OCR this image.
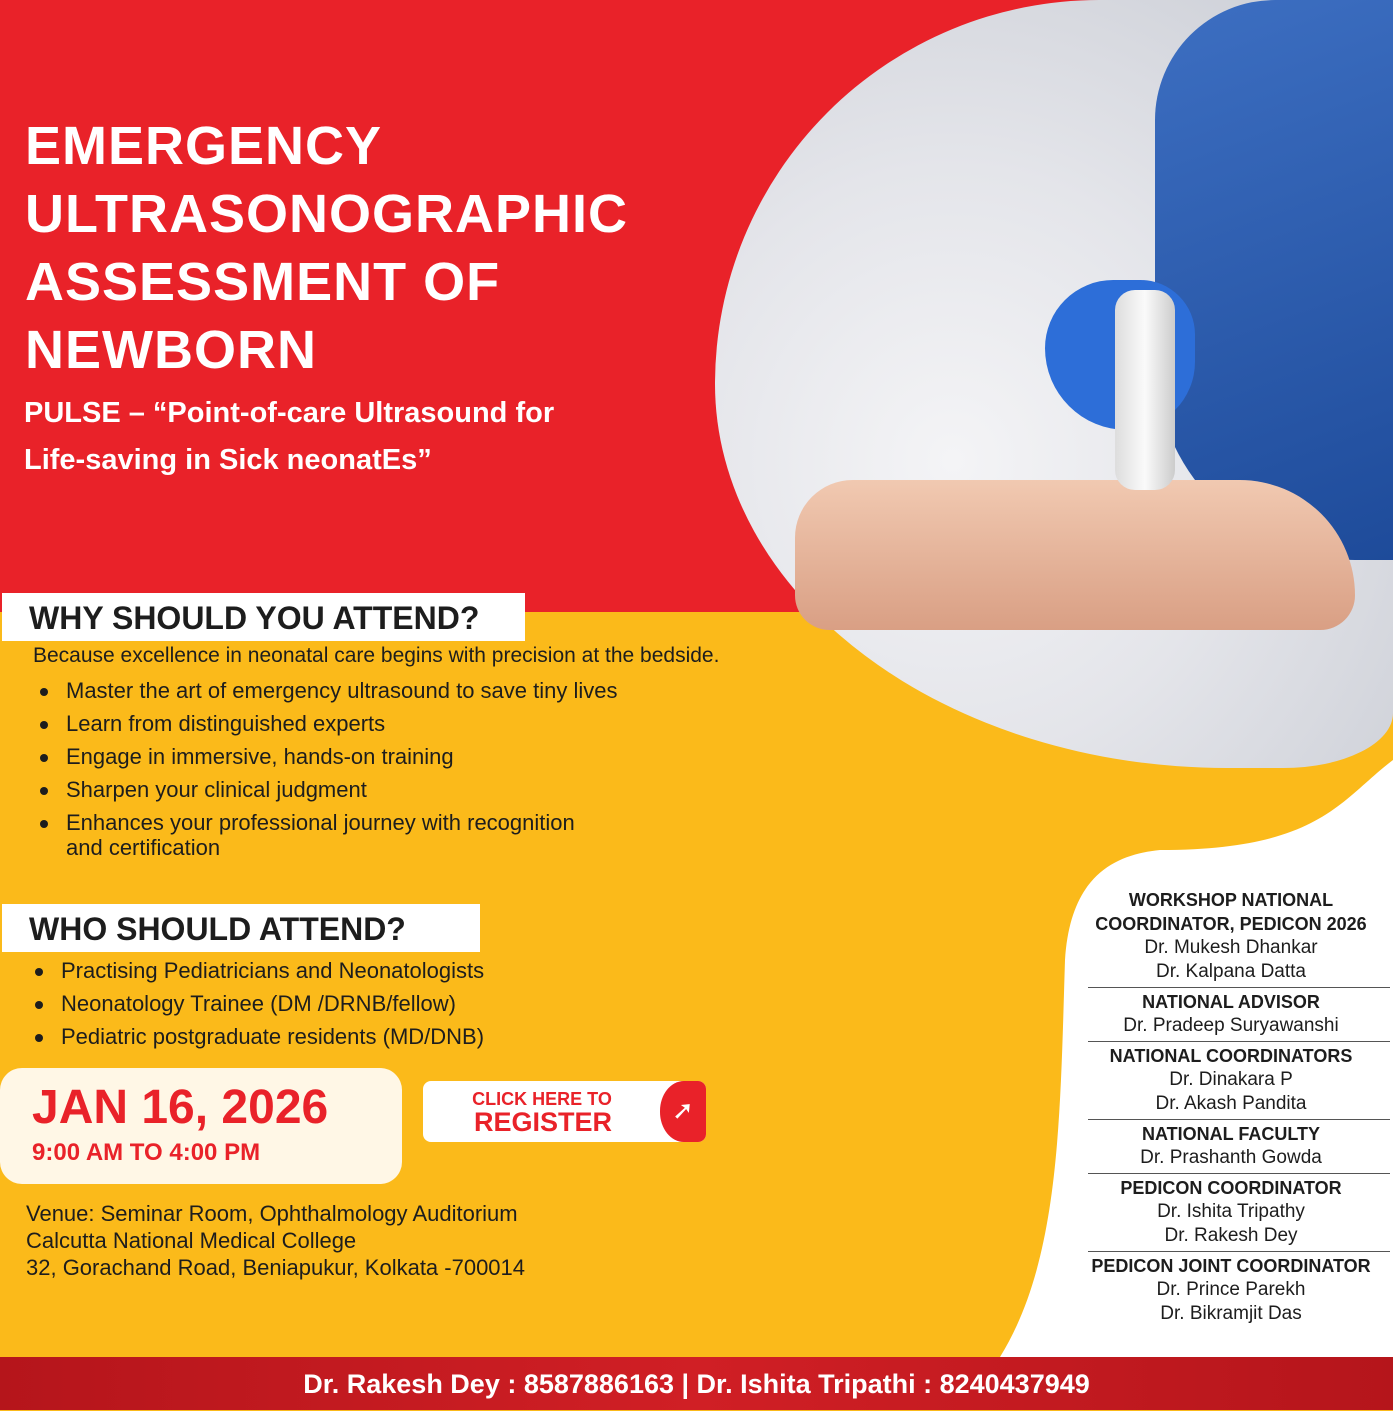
EMERGENCY
ULTRASONOGRAPHIC
ASSESSMENT OF
NEWBORN
PULSE – “Point-of-care Ultrasound for
Life-saving in Sick neonatEs”
WHY SHOULD YOU ATTEND?
Because excellence in neonatal care begins with precision at the bedside.
Master the art of emergency ultrasound to save tiny lives
Learn from distinguished experts
Engage in immersive, hands-on training
Sharpen your clinical judgment
Enhances your professional journey with recognition
and certification
WHO SHOULD ATTEND?
Practising Pediatricians and Neonatologists
Neonatology Trainee (DM /DRNB/fellow)
Pediatric postgraduate residents (MD/DNB)
JAN 16, 2026
9:00 AM TO 4:00 PM
CLICK HERE TO
REGISTER	➚
Venue: Seminar Room, Ophthalmology Auditorium
Calcutta National Medical College
32, Gorachand Road, Beniapukur, Kolkata -700014
WORKSHOP NATIONAL
COORDINATOR, PEDICON 2026
Dr. Mukesh Dhankar
Dr. Kalpana Datta
NATIONAL ADVISOR
Dr. Pradeep Suryawanshi
NATIONAL COORDINATORS
Dr. Dinakara P
Dr. Akash Pandita
NATIONAL FACULTY
Dr. Prashanth Gowda
PEDICON COORDINATOR
Dr. Ishita Tripathy
Dr. Rakesh Dey
PEDICON JOINT COORDINATOR
Dr. Prince Parekh
Dr. Bikramjit Das
Dr. Rakesh Dey : 8587886163 | Dr. Ishita Tripathi : 8240437949
